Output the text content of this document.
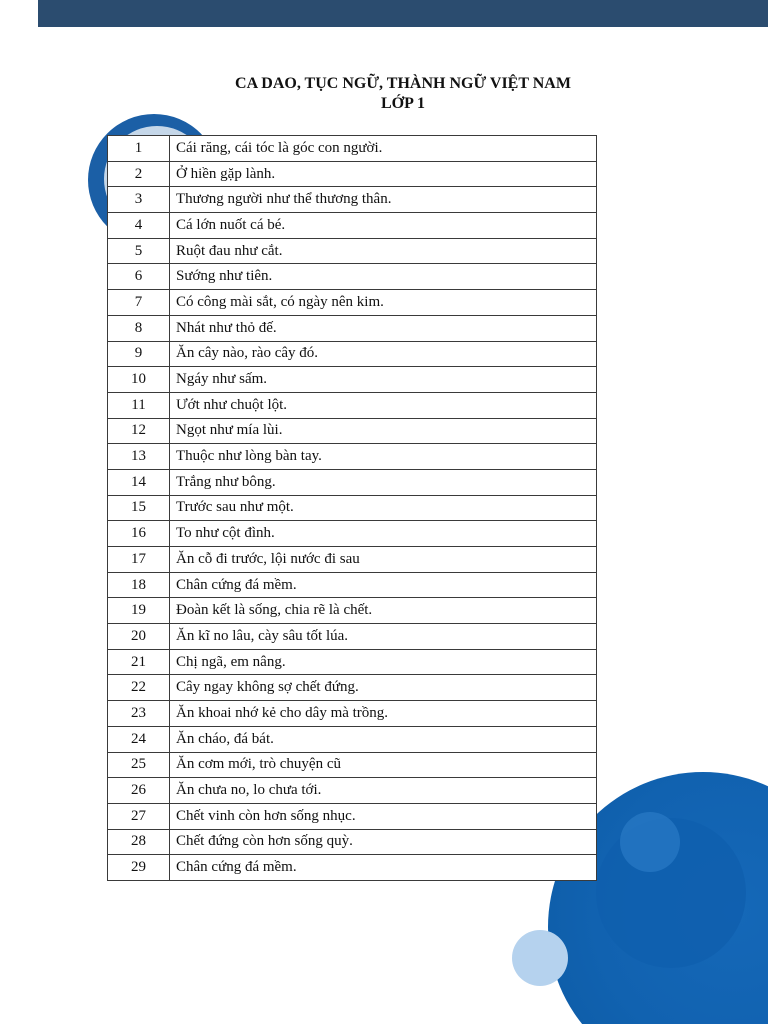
CA DAO, TỤC NGỮ, THÀNH NGỮ VIỆT NAM
LỚP 1
1	Cái răng, cái tóc là góc con người.
2	Ở hiền gặp lành.
3	Thương người như thể thương thân.
4	Cá lớn nuốt cá bé.
5	Ruột đau như cắt.
6	Sướng như tiên.
7	Có công mài sắt, có ngày nên kim.
8	Nhát như thỏ đế.
9	Ăn cây nào, rào cây đó.
10	Ngáy như sấm.
11	Ướt như chuột lột.
12	Ngọt như mía lùi.
13	Thuộc như lòng bàn tay.
14	Trắng như bông.
15	Trước sau như một.
16	To như cột đình.
17	Ăn cỗ đi trước, lội nước đi sau
18	Chân cứng đá mềm.
19	Đoàn kết là sống, chia rẽ là chết.
20	Ăn kĩ no lâu, cày sâu tốt lúa.
21	Chị ngã, em nâng.
22	Cây ngay không sợ chết đứng.
23	Ăn khoai nhớ kẻ cho dây mà trồng.
24	Ăn cháo, đá bát.
25	Ăn cơm mới, trò chuyện cũ
26	Ăn chưa no, lo chưa tới.
27	Chết vinh còn hơn sống nhục.
28	Chết đứng còn hơn sống quỳ.
29	Chân cứng đá mềm.
